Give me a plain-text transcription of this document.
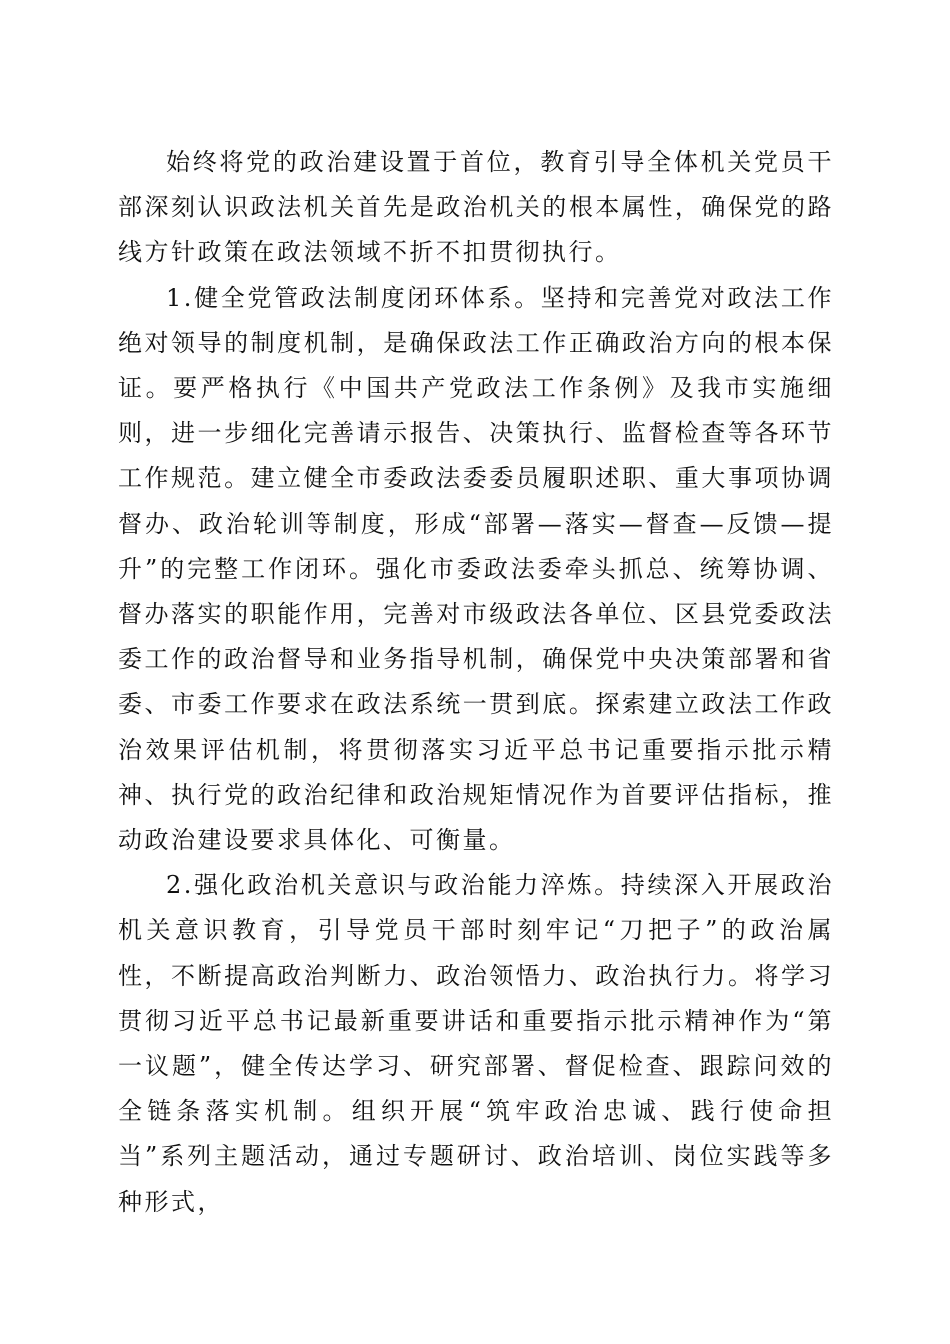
始终将党的政治建设置于首位，教育引导全体机关党员干部深刻认识政法机关首先是政治机关的根本属性，确保党的路线方针政策在政法领域不折不扣贯彻执行。

1.健全党管政法制度闭环体系。坚持和完善党对政法工作绝对领导的制度机制，是确保政法工作正确政治方向的根本保证。要严格执行《中国共产党政法工作条例》及我市实施细则，进一步细化完善请示报告、决策执行、监督检查等各环节工作规范。建立健全市委政法委委员履职述职、重大事项协调督办、政治轮训等制度，形成“部署—落实—督查—反馈—提升”的完整工作闭环。强化市委政法委牵头抓总、统筹协调、督办落实的职能作用，完善对市级政法各单位、区县党委政法委工作的政治督导和业务指导机制，确保党中央决策部署和省委、市委工作要求在政法系统一贯到底。探索建立政法工作政治效果评估机制，将贯彻落实习近平总书记重要指示批示精神、执行党的政治纪律和政治规矩情况作为首要评估指标，推动政治建设要求具体化、可衡量。

2.强化政治机关意识与政治能力淬炼。持续深入开展政治机关意识教育，引导党员干部时刻牢记“刀把子”的政治属性，不断提高政治判断力、政治领悟力、政治执行力。将学习贯彻习近平总书记最新重要讲话和重要指示批示精神作为“第一议题”，健全传达学习、研究部署、督促检查、跟踪问效的全链条落实机制。组织开展“筑牢政治忠诚、践行使命担当”系列主题活动，通过专题研讨、政治培训、岗位实践等多种形式，
